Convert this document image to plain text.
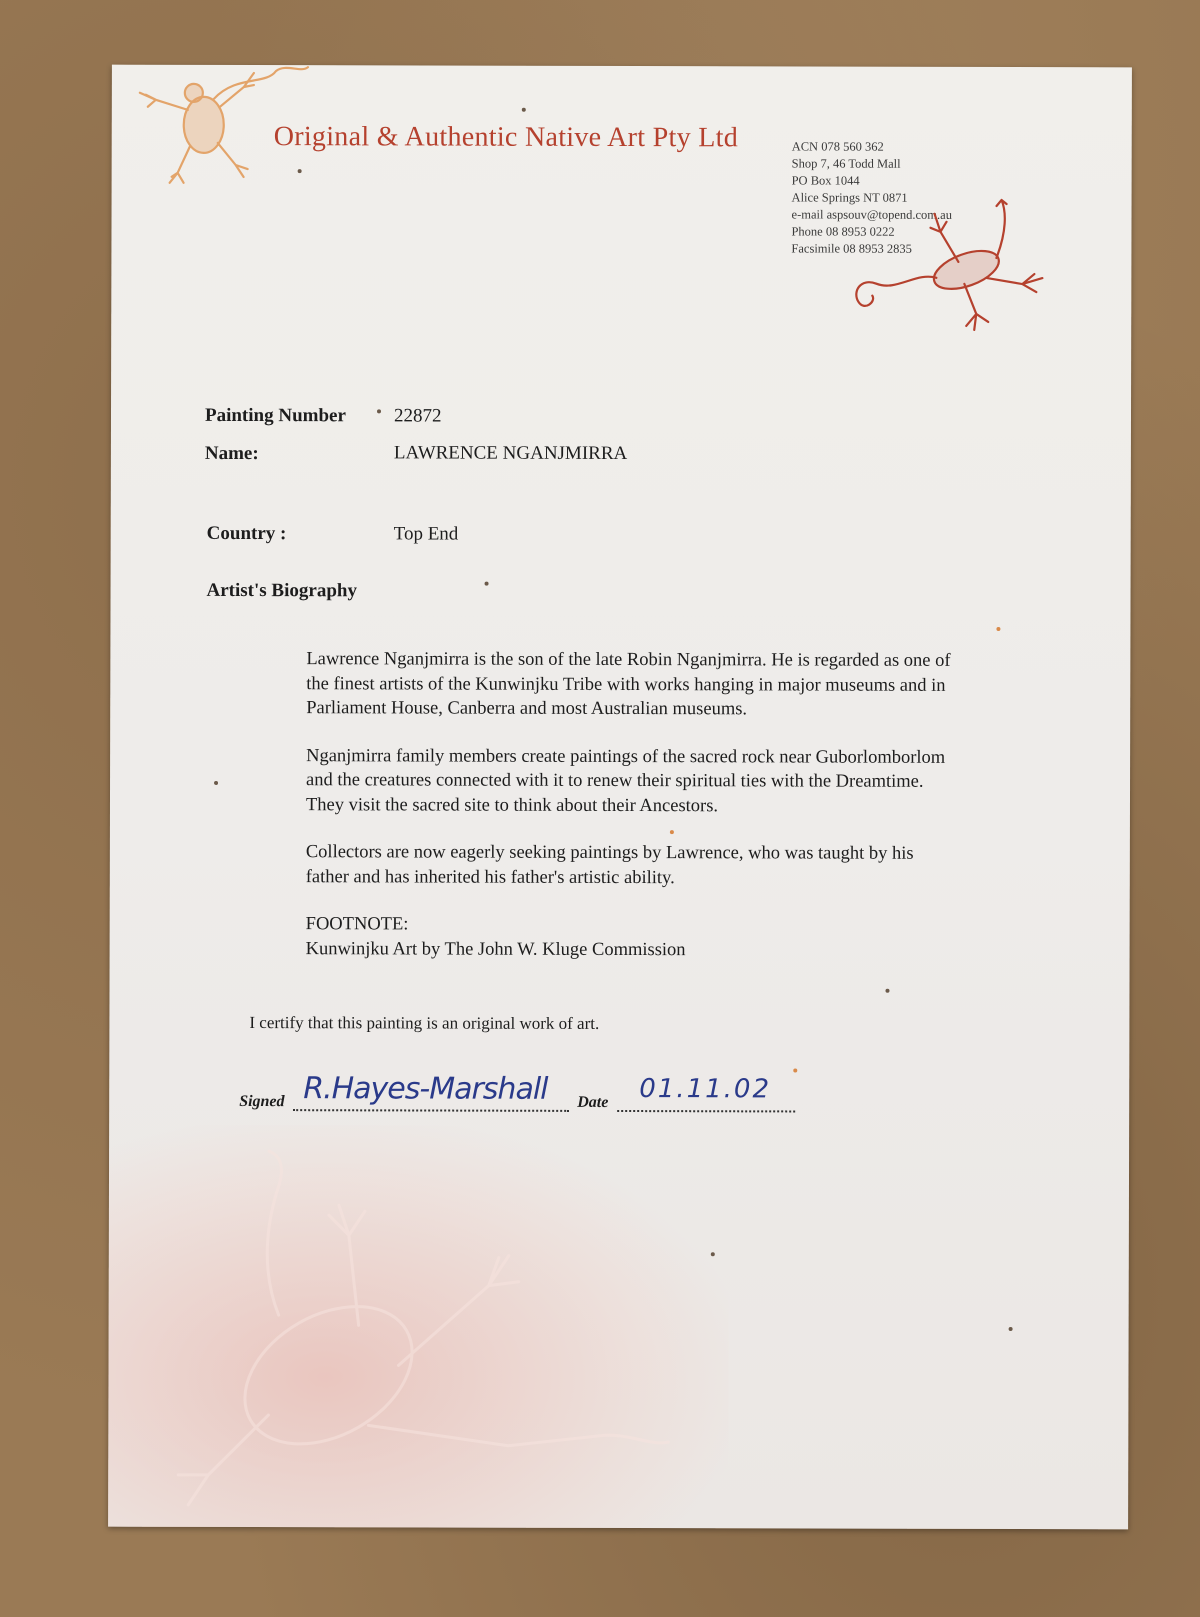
Original & Authentic Native Art Pty Ltd	ACN 078 560 362
Shop 7, 46 Todd Mall
PO Box 1044
Alice Springs NT 0871
e-mail aspsouv@topend.com.au
Phone 08 8953 0222
Facsimile 08 8953 2835
Painting Number	22872
Name:	LAWRENCE NGANJMIRRA
Country :	Top End
Artist's Biography

Lawrence Nganjmirra is the son of the late Robin Nganjmirra. He is regarded as one of the finest artists of the Kunwinjku Tribe with works hanging in major museums and in Parliament House, Canberra and most Australian museums.

Nganjmirra family members create paintings of the sacred rock near Guborlomborlom and the creatures connected with it to renew their spiritual ties with the Dreamtime. They visit the sacred site to think about their Ancestors.

Collectors are now eagerly seeking paintings by Lawrence, who was taught by his father and has inherited his father's artistic ability.

FOOTNOTE:
Kunwinjku Art by The John W. Kluge Commission

I certify that this painting is an original work of art.
Signed R.Hayes-Marshall Date 01.11.02
